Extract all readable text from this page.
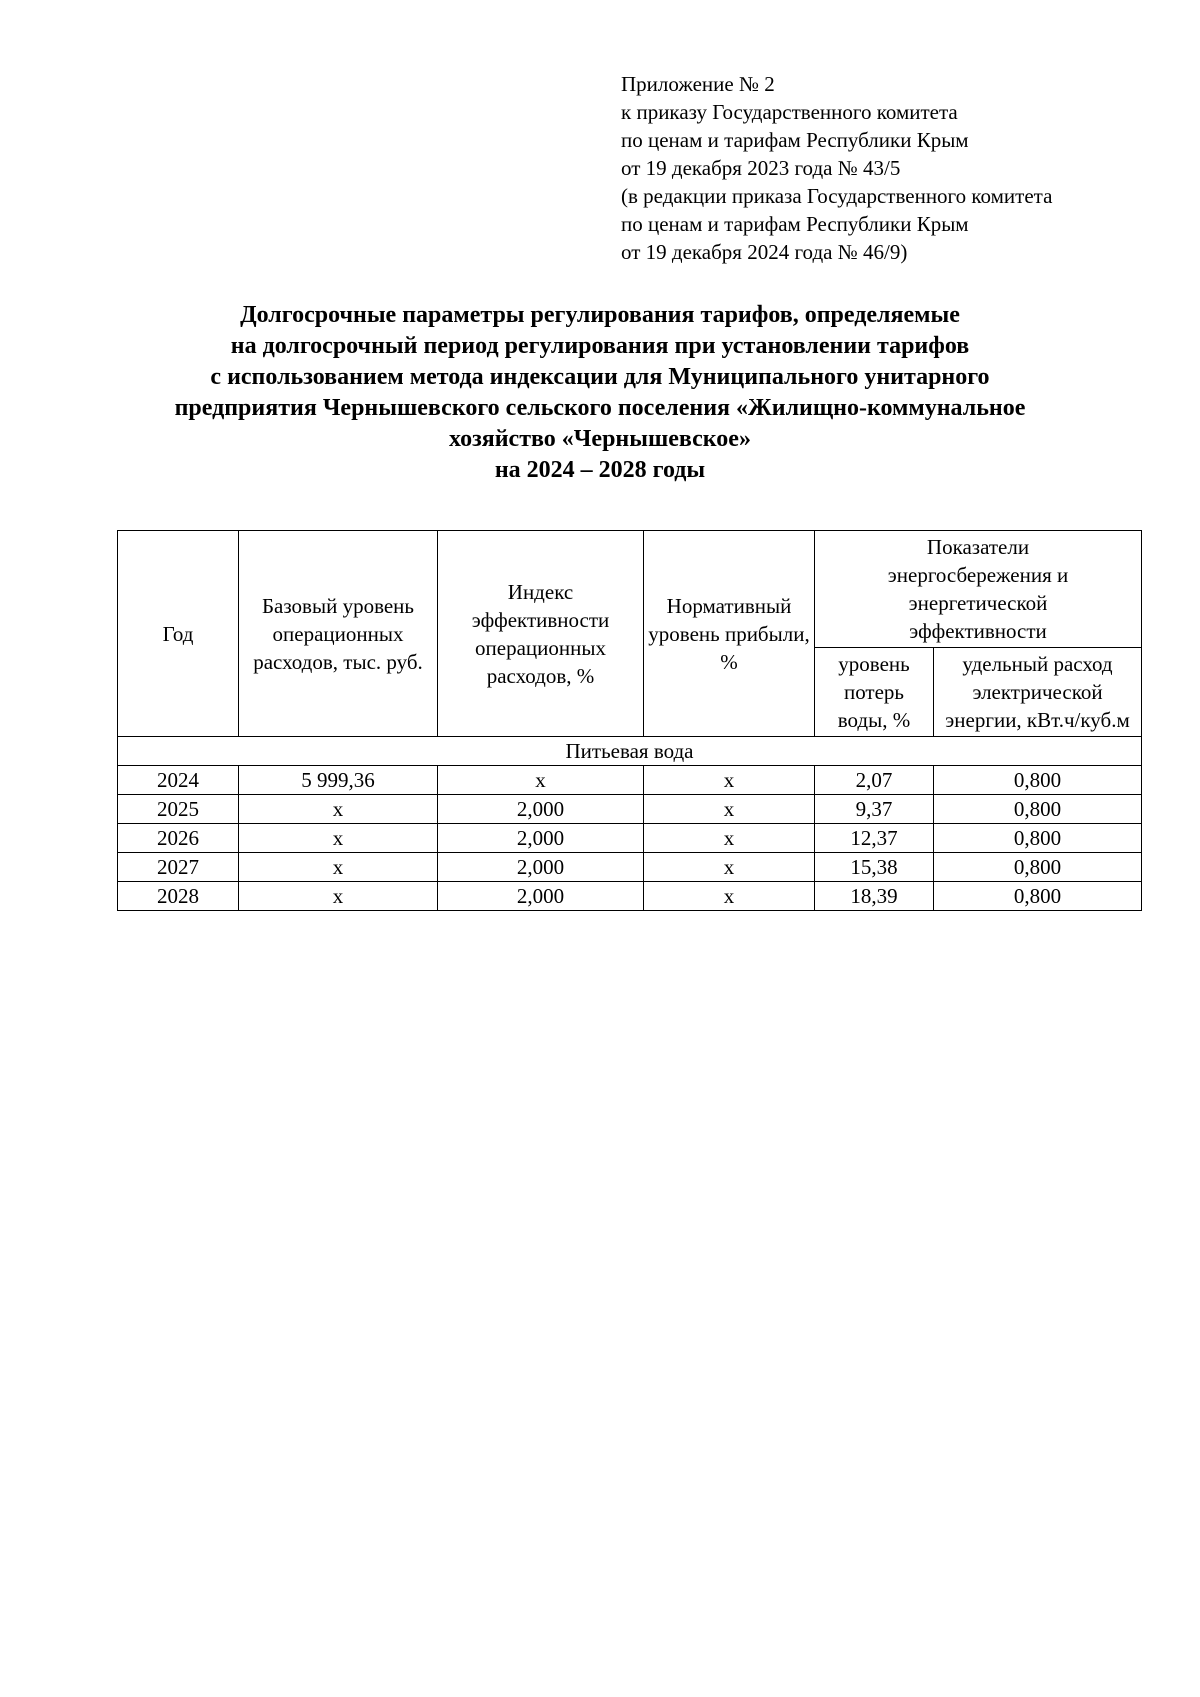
Приложение № 2
к приказу Государственного комитета
по ценам и тарифам Республики Крым
от 19 декабря 2023 года № 43/5
(в редакции приказа Государственного комитета
по ценам и тарифам Республики Крым
от 19 декабря 2024 года № 46/9)
Долгосрочные параметры регулирования тарифов, определяемые
на долгосрочный период регулирования при установлении тарифов
с использованием метода индексации для Муниципального унитарного
предприятия Чернышевского сельского поселения «Жилищно-коммунальное
хозяйство «Чернышевское»
на 2024 – 2028 годы
Год	Базовый уровень операционных расходов, тыс. руб.	Индекс эффективности операционных расходов, %	Нормативный уровень прибыли, %	Показатели энергосбережения и энергетической эффективности	
				уровень потерь воды, %	удельный расход электрической энергии, кВт.ч/куб.м
Питьевая вода					
2024	5 999,36	х	х	2,07	0,800
2025	х	2,000	х	9,37	0,800
2026	х	2,000	х	12,37	0,800
2027	х	2,000	х	15,38	0,800
2028	х	2,000	х	18,39	0,800
